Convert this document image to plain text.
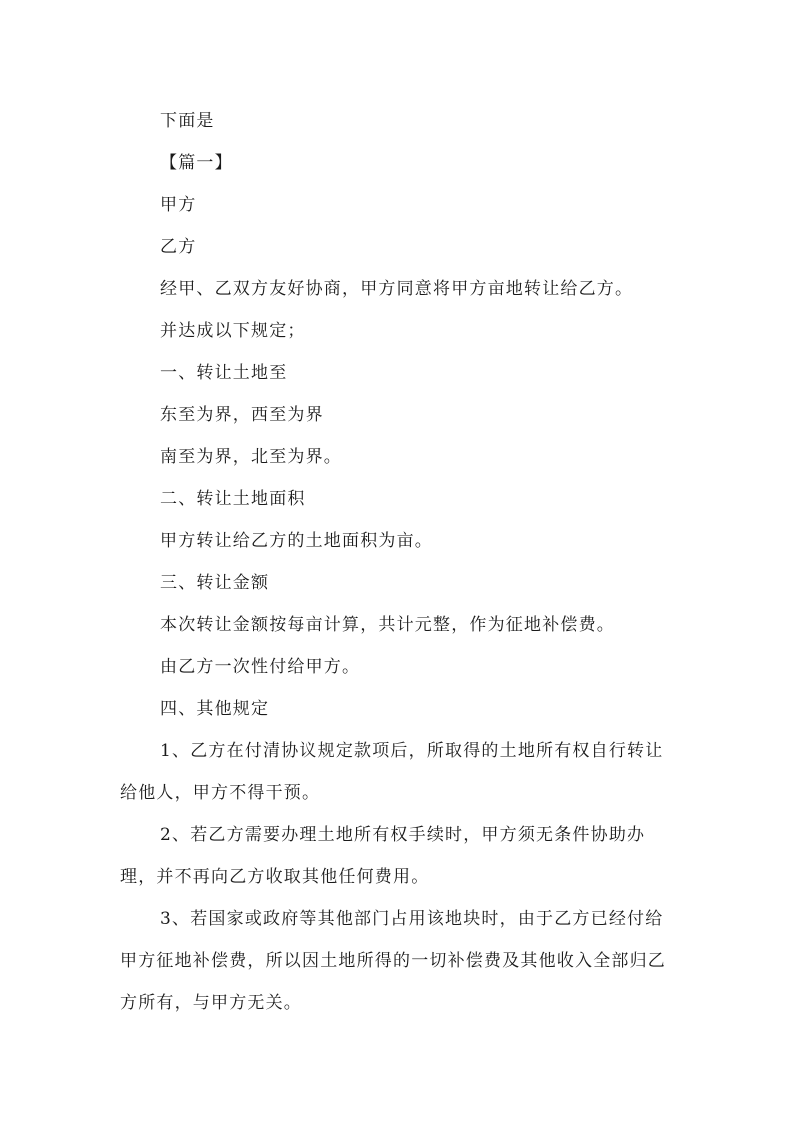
下面是

【篇一】

甲方

乙方

经甲、乙双方友好协商，甲方同意将甲方亩地转让给乙方。

并达成以下规定；

一、转让土地至

东至为界，西至为界

南至为界，北至为界。

二、转让土地面积

甲方转让给乙方的土地面积为亩。

三、转让金额

本次转让金额按每亩计算，共计元整，作为征地补偿费。

由乙方一次性付给甲方。

四、其他规定

1、乙方在付清协议规定款项后，所取得的土地所有权自行转让给他人，甲方不得干预。

2、若乙方需要办理土地所有权手续时，甲方须无条件协助办理，并不再向乙方收取其他任何费用。

3、若国家或政府等其他部门占用该地块时，由于乙方已经付给甲方征地补偿费，所以因土地所得的一切补偿费及其他收入全部归乙方所有，与甲方无关。
